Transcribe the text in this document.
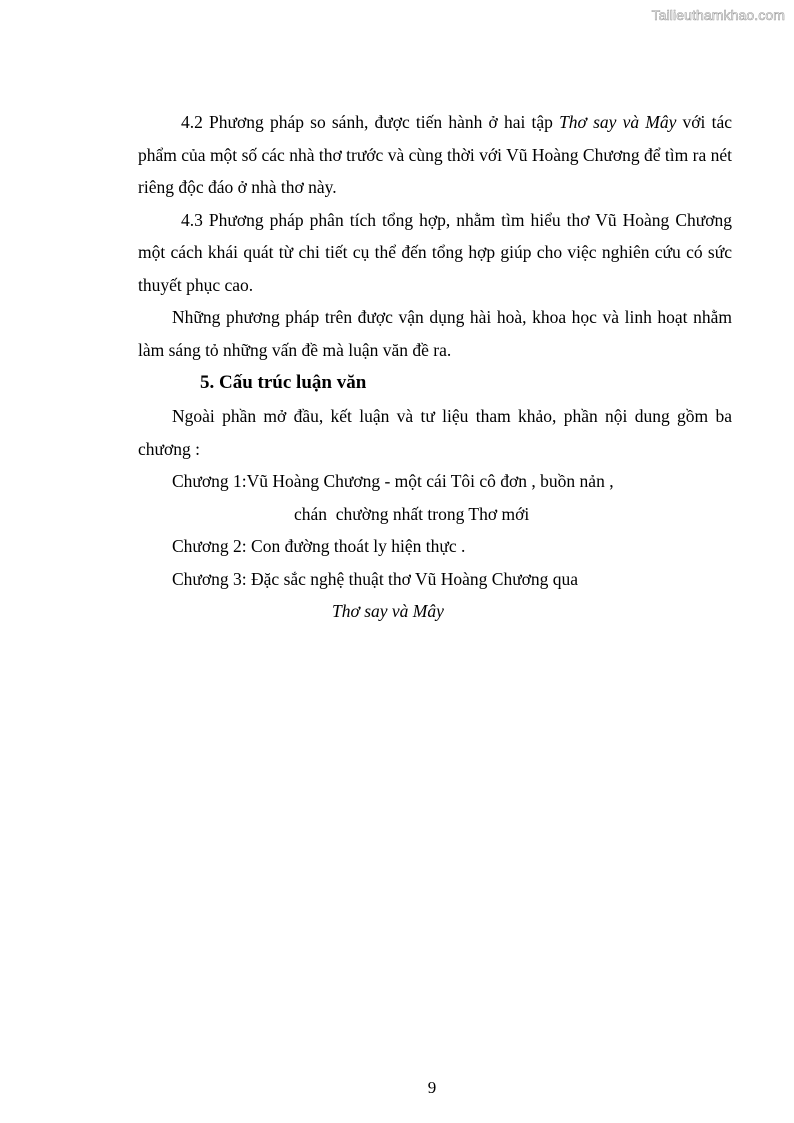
Tailieuthamkhao.com

4.2 Phương pháp so sánh, được tiến hành ở hai tập Thơ say và Mây với tác phẩm của một số các nhà thơ trước và cùng thời với Vũ Hoàng Chương để tìm ra nét riêng độc đáo ở nhà thơ này.

4.3 Phương pháp phân tích tổng hợp, nhằm tìm hiểu thơ Vũ Hoàng Chương một cách khái quát từ chi tiết cụ thể đến tổng hợp giúp cho việc nghiên cứu có sức thuyết phục cao.

Những phương pháp trên được vận dụng hài hoà, khoa học và linh hoạt nhằm làm sáng tỏ những vấn đề mà luận văn đề ra.

5. Cấu trúc luận văn

Ngoài phần mở đầu, kết luận và tư liệu tham khảo, phần nội dung gồm ba chương :

Chương 1:Vũ Hoàng Chương - một cái Tôi cô đơn , buồn nản ,

chán  chường nhất trong Thơ mới

Chương 2: Con đường thoát ly hiện thực .

Chương 3: Đặc sắc nghệ thuật thơ Vũ Hoàng Chương qua

Thơ say và Mây

9
